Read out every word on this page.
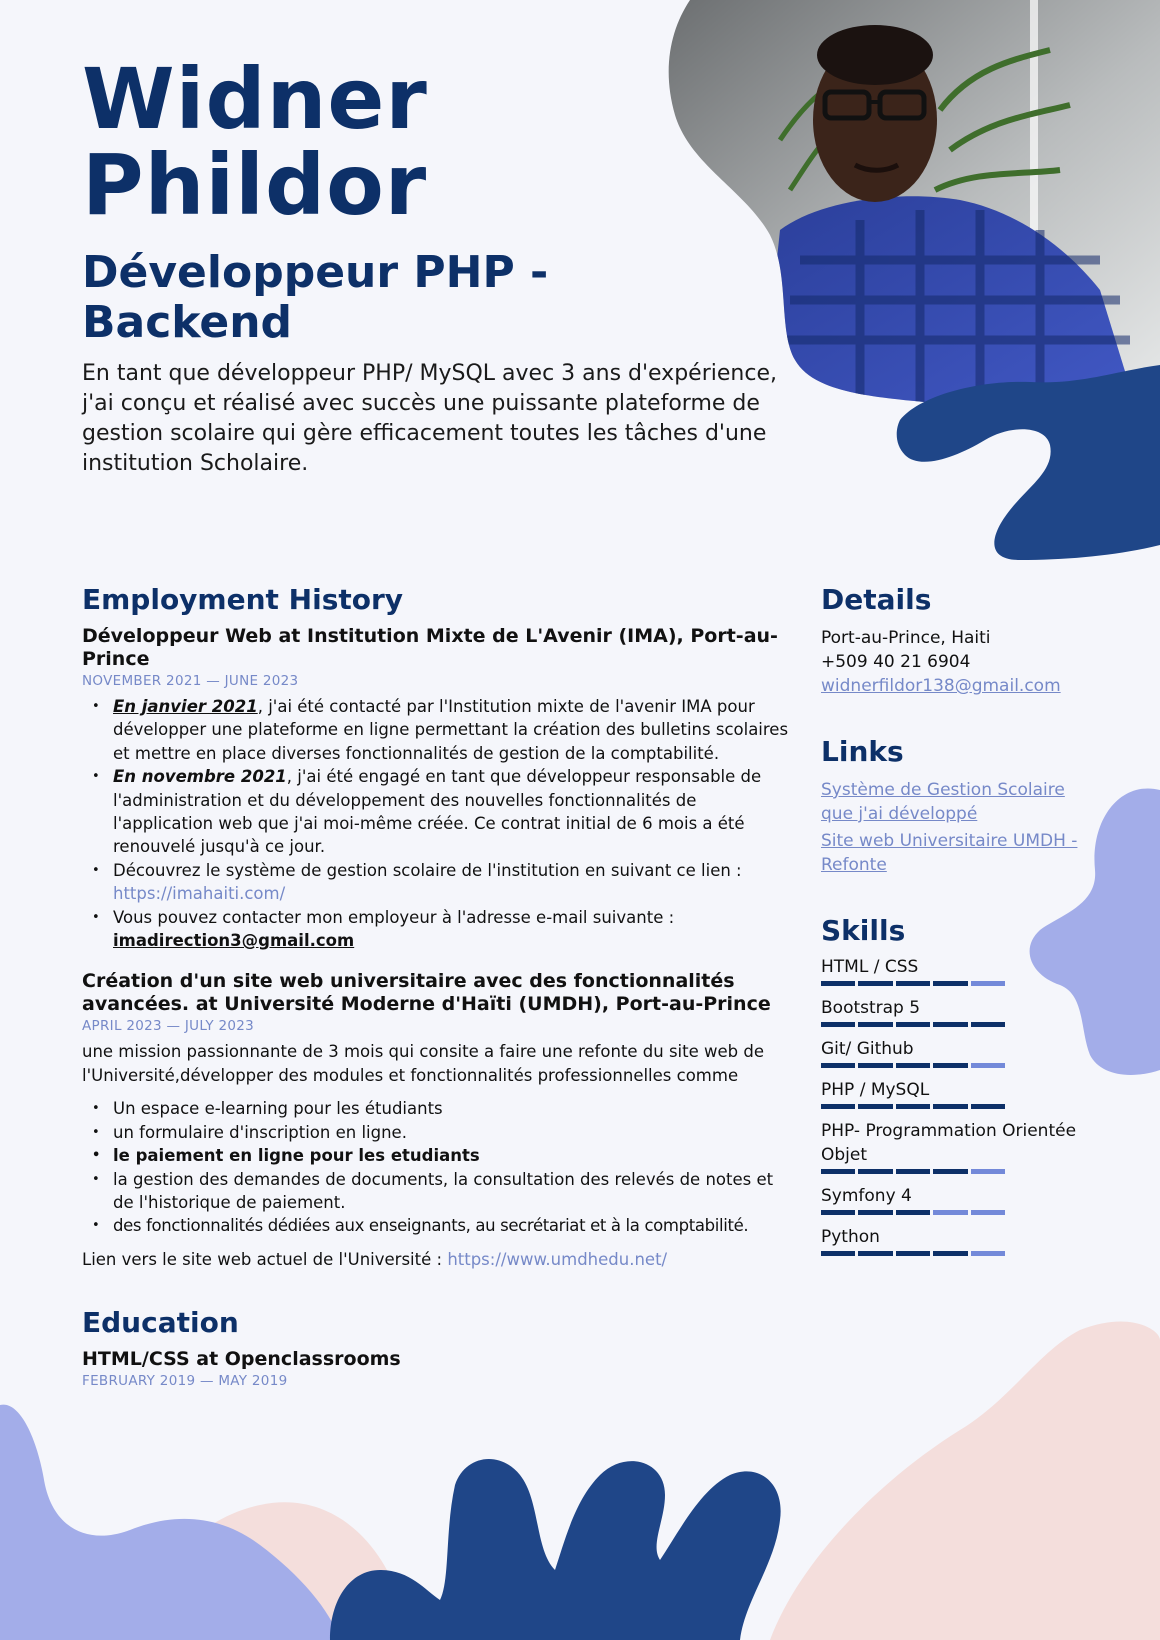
Widner
Phildor
Développeur PHP -
Backend

En tant que développeur PHP/ MySQL avec 3 ans d'expérience, j'ai conçu et réalisé avec succès une puissante plateforme de gestion scolaire qui gère efficacement toutes les tâches d'une institution Scholaire.

Employment History
Développeur Web at Institution Mixte de L'Avenir (IMA), Port-au-Prince
NOVEMBER 2021 — JUNE 2023
• En janvier 2021, j'ai été contacté par l'Institution mixte de l'avenir IMA pour développer une plateforme en ligne permettant la création des bulletins scolaires et mettre en place diverses fonctionnalités de gestion de la comptabilité.
• En novembre 2021, j'ai été engagé en tant que développeur responsable de l'administration et du développement des nouvelles fonctionnalités de l'application web que j'ai moi-même créée. Ce contrat initial de 6 mois a été renouvelé jusqu'à ce jour.
• Découvrez le système de gestion scolaire de l'institution en suivant ce lien :
https://imahaiti.com/
• Vous pouvez contacter mon employeur à l'adresse e-mail suivante :
imadirection3@gmail.com
Création d'un site web universitaire avec des fonctionnalités avancées. at Université Moderne d'Haïti (UMDH), Port-au-Prince
APRIL 2023 — JULY 2023

une mission passionnante de 3 mois qui consite a faire une refonte du site web de l'Université,développer des modules et fonctionnalités professionnelles comme

• Un espace e-learning pour les étudiants
• un formulaire d'inscription en ligne.
• le paiement en ligne pour les etudiants
• la gestion des demandes de documents, la consultation des relevés de notes et de l'historique de paiement.
• des fonctionnalités dédiées aux enseignants, au secrétariat et à la comptabilité.

Lien vers le site web actuel de l'Université : https://www.umdhedu.net/

Education
HTML/CSS at Openclassrooms
FEBRUARY 2019 — MAY 2019
Details
Port-au-Prince, Haiti
+509 40 21 6904
widnerfildor138@gmail.com
Links
Système de Gestion Scolaire que j'ai développé
Site web Universitaire UMDH - Refonte
Skills
HTML / CSS
Bootstrap 5
Git/ Github
PHP / MySQL
PHP- Programmation Orientée Objet
Symfony 4
Python
